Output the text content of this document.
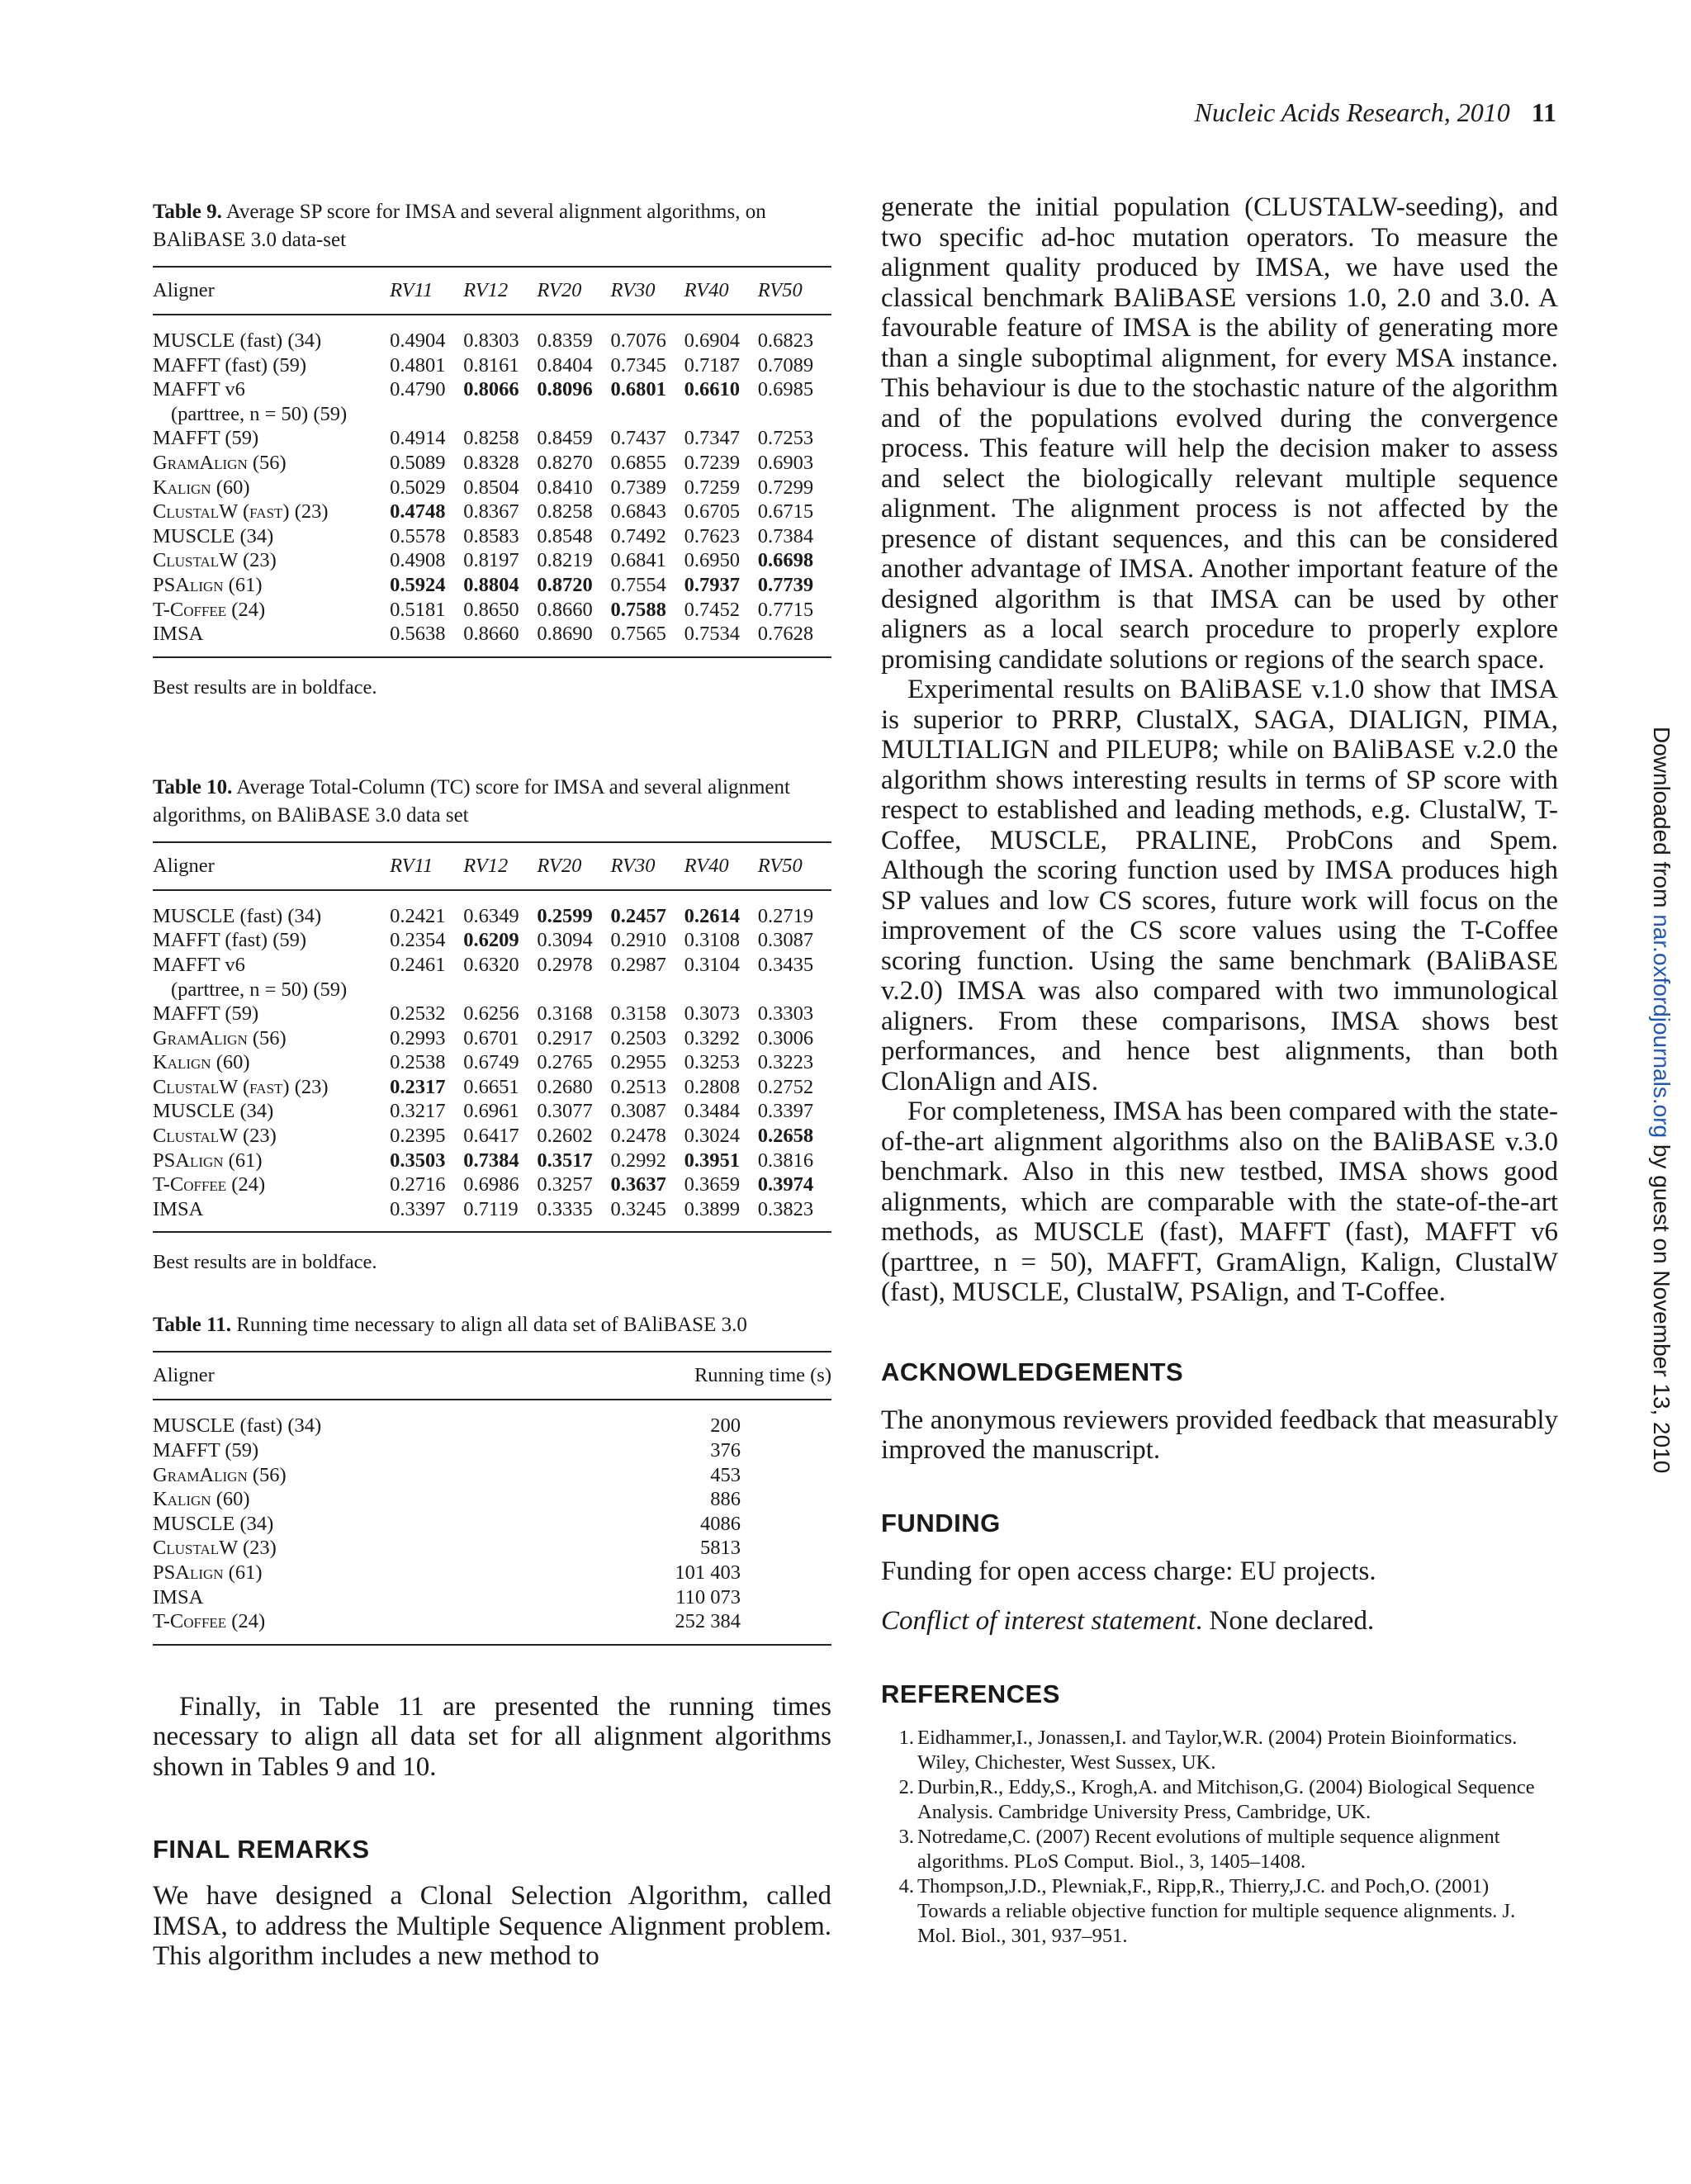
Nucleic Acids Research, 2010 11
Table 9. Average SP score for IMSA and several alignment algorithms, on BAliBASE 3.0 data-set
Aligner	RV11	RV12	RV20	RV30	RV40	RV50
MUSCLE (fast) (34)	0.4904	0.8303	0.8359	0.7076	0.6904	0.6823
MAFFT (fast) (59)	0.4801	0.8161	0.8404	0.7345	0.7187	0.7089
MAFFT v6	0.4790	0.8066	0.8096	0.6801	0.6610	0.6985
(parttree, n = 50) (59)						
MAFFT (59)	0.4914	0.8258	0.8459	0.7437	0.7347	0.7253
GramAlign (56)	0.5089	0.8328	0.8270	0.6855	0.7239	0.6903
Kalign (60)	0.5029	0.8504	0.8410	0.7389	0.7259	0.7299
ClustalW (fast) (23)	0.4748	0.8367	0.8258	0.6843	0.6705	0.6715
MUSCLE (34)	0.5578	0.8583	0.8548	0.7492	0.7623	0.7384
ClustalW (23)	0.4908	0.8197	0.8219	0.6841	0.6950	0.6698
PSAlign (61)	0.5924	0.8804	0.8720	0.7554	0.7937	0.7739
T-Coffee (24)	0.5181	0.8650	0.8660	0.7588	0.7452	0.7715
IMSA	0.5638	0.8660	0.8690	0.7565	0.7534	0.7628
Best results are in boldface.
Table 10. Average Total-Column (TC) score for IMSA and several alignment algorithms, on BAliBASE 3.0 data set
Aligner	RV11	RV12	RV20	RV30	RV40	RV50
MUSCLE (fast) (34)	0.2421	0.6349	0.2599	0.2457	0.2614	0.2719
MAFFT (fast) (59)	0.2354	0.6209	0.3094	0.2910	0.3108	0.3087
MAFFT v6	0.2461	0.6320	0.2978	0.2987	0.3104	0.3435
(parttree, n = 50) (59)						
MAFFT (59)	0.2532	0.6256	0.3168	0.3158	0.3073	0.3303
GramAlign (56)	0.2993	0.6701	0.2917	0.2503	0.3292	0.3006
Kalign (60)	0.2538	0.6749	0.2765	0.2955	0.3253	0.3223
ClustalW (fast) (23)	0.2317	0.6651	0.2680	0.2513	0.2808	0.2752
MUSCLE (34)	0.3217	0.6961	0.3077	0.3087	0.3484	0.3397
ClustalW (23)	0.2395	0.6417	0.2602	0.2478	0.3024	0.2658
PSAlign (61)	0.3503	0.7384	0.3517	0.2992	0.3951	0.3816
T-Coffee (24)	0.2716	0.6986	0.3257	0.3637	0.3659	0.3974
IMSA	0.3397	0.7119	0.3335	0.3245	0.3899	0.3823
Best results are in boldface.
Table 11. Running time necessary to align all data set of BAliBASE 3.0
Aligner	Running time (s)
MUSCLE (fast) (34)	200
MAFFT (59)	376
GramAlign (56)	453
Kalign (60)	886
MUSCLE (34)	4086
ClustalW (23)	5813
PSAlign (61)	101 403
IMSA	110 073
T-Coffee (24)	252 384

Finally, in Table 11 are presented the running times necessary to align all data set for all alignment algorithms shown in Tables 9 and 10.

FINAL REMARKS

We have designed a Clonal Selection Algorithm, called IMSA, to address the Multiple Sequence Alignment problem. This algorithm includes a new method to

generate the initial population (CLUSTALW-seeding), and two specific ad-hoc mutation operators. To measure the alignment quality produced by IMSA, we have used the classical benchmark BAliBASE versions 1.0, 2.0 and 3.0. A favourable feature of IMSA is the ability of generating more than a single suboptimal alignment, for every MSA instance. This behaviour is due to the stochastic nature of the algorithm and of the populations evolved during the convergence process. This feature will help the decision maker to assess and select the biologically relevant multiple sequence alignment. The alignment process is not affected by the presence of distant sequences, and this can be considered another advantage of IMSA. Another important feature of the designed algorithm is that IMSA can be used by other aligners as a local search procedure to properly explore promising candidate solutions or regions of the search space.

Experimental results on BAliBASE v.1.0 show that IMSA is superior to PRRP, ClustalX, SAGA, DIALIGN, PIMA, MULTIALIGN and PILEUP8; while on BAliBASE v.2.0 the algorithm shows interesting results in terms of SP score with respect to established and leading methods, e.g. ClustalW, T-Coffee, MUSCLE, PRALINE, ProbCons and Spem. Although the scoring function used by IMSA produces high SP values and low CS scores, future work will focus on the improvement of the CS score values using the T-Coffee scoring function. Using the same benchmark (BAliBASE v.2.0) IMSA was also compared with two immunological aligners. From these comparisons, IMSA shows best performances, and hence best alignments, than both ClonAlign and AIS.

For completeness, IMSA has been compared with the state-of-the-art alignment algorithms also on the BAliBASE v.3.0 benchmark. Also in this new testbed, IMSA shows good alignments, which are comparable with the state-of-the-art methods, as MUSCLE (fast), MAFFT (fast), MAFFT v6 (parttree, n = 50), MAFFT, GramAlign, Kalign, ClustalW (fast), MUSCLE, ClustalW, PSAlign, and T-Coffee.

ACKNOWLEDGEMENTS

The anonymous reviewers provided feedback that measurably improved the manuscript.

FUNDING

Funding for open access charge: EU projects.

Conflict of interest statement. None declared.

REFERENCES
1. Eidhammer,I., Jonassen,I. and Taylor,W.R. (2004) Protein Bioinformatics. Wiley, Chichester, West Sussex, UK.
2. Durbin,R., Eddy,S., Krogh,A. and Mitchison,G. (2004) Biological Sequence Analysis. Cambridge University Press, Cambridge, UK.
3. Notredame,C. (2007) Recent evolutions of multiple sequence alignment algorithms. PLoS Comput. Biol., 3, 1405–1408.
4. Thompson,J.D., Plewniak,F., Ripp,R., Thierry,J.C. and Poch,O. (2001) Towards a reliable objective function for multiple sequence alignments. J. Mol. Biol., 301, 937–951.
Downloaded from nar.oxfordjournals.org by guest on November 13, 2010
